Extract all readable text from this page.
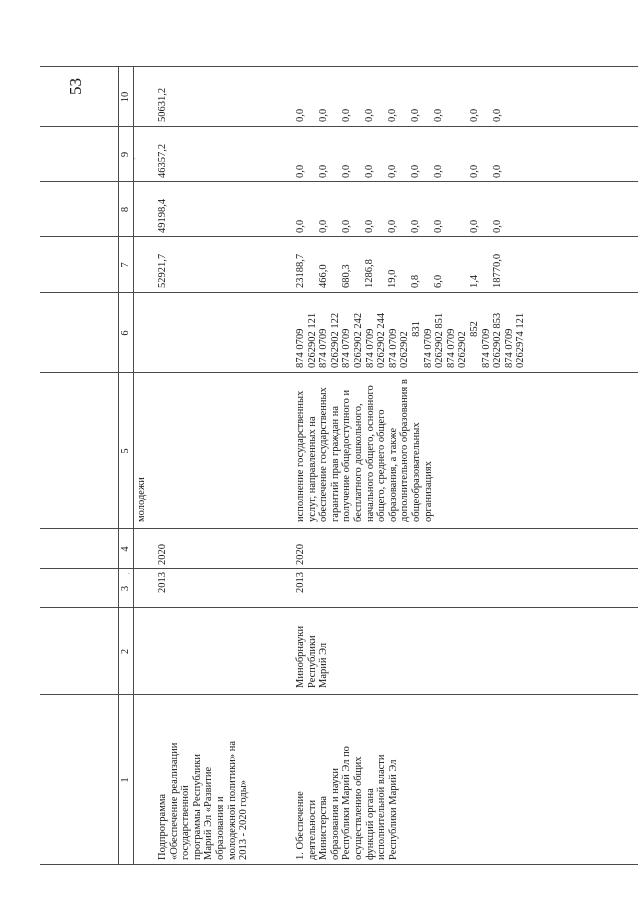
53
1
2
3
4
5
6
7
8
9
10
·
`
молодежи
Подпрограмма «Обеспечение реализации государственной программы Республики Марий Эл «Развитие образования и молодежной политики» на 2013 - 2020 годы»
2013
2020
52921,7
49198,4
46357,2
50631,2
1. Обеспечение деятельности Министерства образования и науки Республики Марий Эл по осуществлению общих функций органа исполнительной власти Республики Марий Эл
Минобрнауки Республики Марий Эл
2013
2020
исполнение государственных услуг, направленных на обеспечение государственных гарантий прав граждан на получение общедоступного и бесплатного дошкольного, начального общего, основного общего, среднего общего образования, а также дополнительного образования в общеобразовательных организациях
874 0709 0262902 121 874 0709 0262902 122 874 0709 0262902 242 874 0709 0262902 244 874 0709 0262902
831 874 0709 0262902 851 874 0709 0262902
852 874 0709 0262902 853 874 0709 0262974 121
23188,7
0,0
0,0
0,0
466,0
0,0
0,0
0,0
680,3
0,0
0,0
0,0
1286,8
0,0
0,0
0,0
19,0
0,0
0,0
0,0
0,8
0,0
0,0
0,0
6,0
0,0
0,0
0,0
1,4
0,0
0,0
0,0
18770,0
0,0
0,0
0,0
